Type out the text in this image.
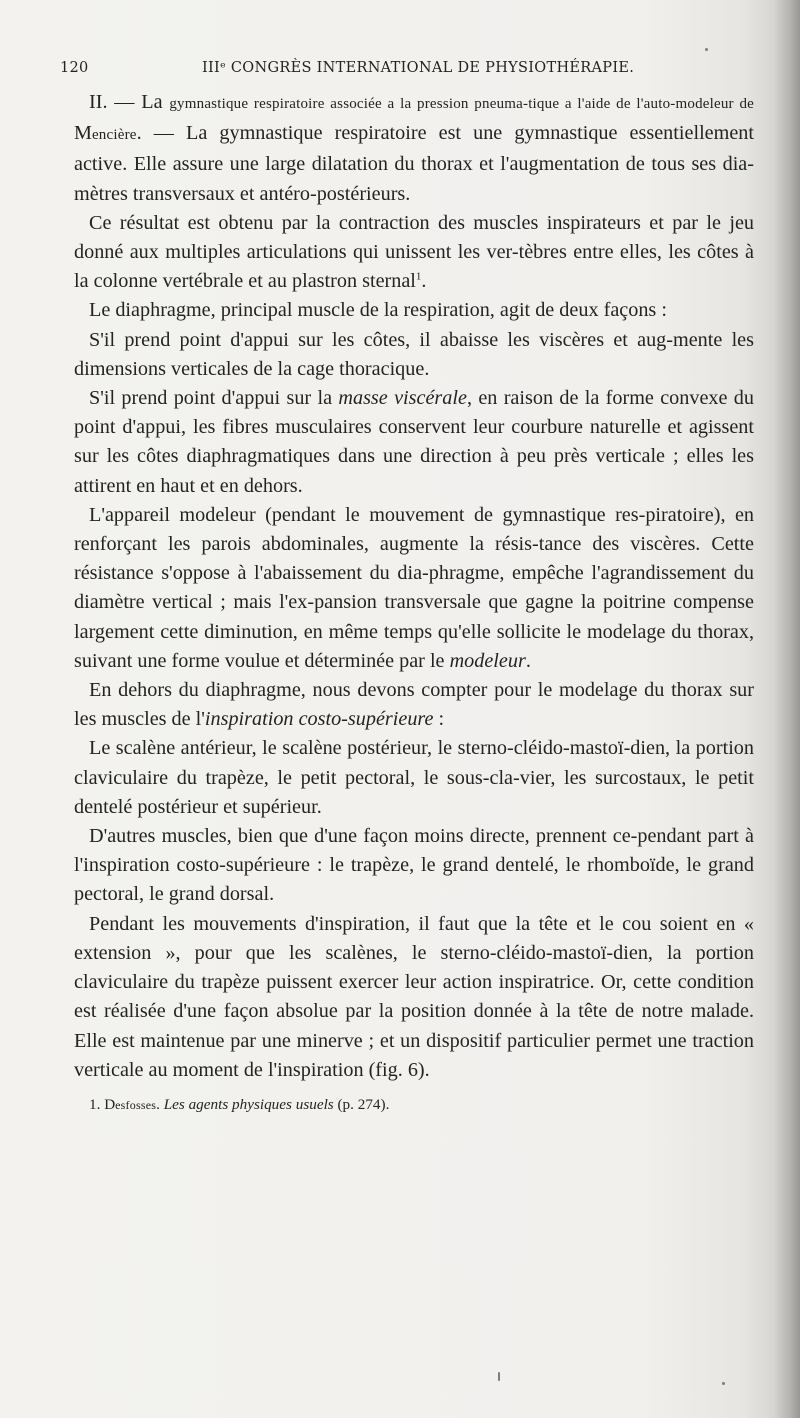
120	IIIᵉ CONGRÈS INTERNATIONAL DE PHYSIOTHÉRAPIE.

II. — La gymnastique respiratoire associée a la pression pneuma-tique a l'aide de l'auto-modeleur de Mencière. — La gymnastique respiratoire est une gymnastique essentiellement active. Elle assure une large dilatation du thorax et l'augmentation de tous ses dia-mètres transversaux et antéro-postérieurs.

Ce résultat est obtenu par la contraction des muscles inspirateurs et par le jeu donné aux multiples articulations qui unissent les ver-tèbres entre elles, les côtes à la colonne vertébrale et au plastron sternal$^1$.

Le diaphragme, principal muscle de la respiration, agit de deux façons :

S'il prend point d'appui sur les côtes, il abaisse les viscères et aug-mente les dimensions verticales de la cage thoracique.

S'il prend point d'appui sur la masse viscérale, en raison de la forme convexe du point d'appui, les fibres musculaires conservent leur courbure naturelle et agissent sur les côtes diaphragmatiques dans une direction à peu près verticale ; elles les attirent en haut et en dehors.

L'appareil modeleur (pendant le mouvement de gymnastique res-piratoire), en renforçant les parois abdominales, augmente la résis-tance des viscères. Cette résistance s'oppose à l'abaissement du dia-phragme, empêche l'agrandissement du diamètre vertical ; mais l'ex-pansion transversale que gagne la poitrine compense largement cette diminution, en même temps qu'elle sollicite le modelage du thorax, suivant une forme voulue et déterminée par le modeleur.

En dehors du diaphragme, nous devons compter pour le modelage du thorax sur les muscles de l'inspiration costo-supérieure :

Le scalène antérieur, le scalène postérieur, le sterno-cléido-mastoï-dien, la portion claviculaire du trapèze, le petit pectoral, le sous-cla-vier, les surcostaux, le petit dentelé postérieur et supérieur.

D'autres muscles, bien que d'une façon moins directe, prennent ce-pendant part à l'inspiration costo-supérieure : le trapèze, le grand dentelé, le rhomboïde, le grand pectoral, le grand dorsal.

Pendant les mouvements d'inspiration, il faut que la tête et le cou soient en « extension », pour que les scalènes, le sterno-cléido-mastoï-dien, la portion claviculaire du trapèze puissent exercer leur action inspiratrice. Or, cette condition est réalisée d'une façon absolue par la position donnée à la tête de notre malade. Elle est maintenue par une minerve ; et un dispositif particulier permet une traction verticale au moment de l'inspiration (fig. 6).

1. Desfosses. Les agents physiques usuels (p. 274).
